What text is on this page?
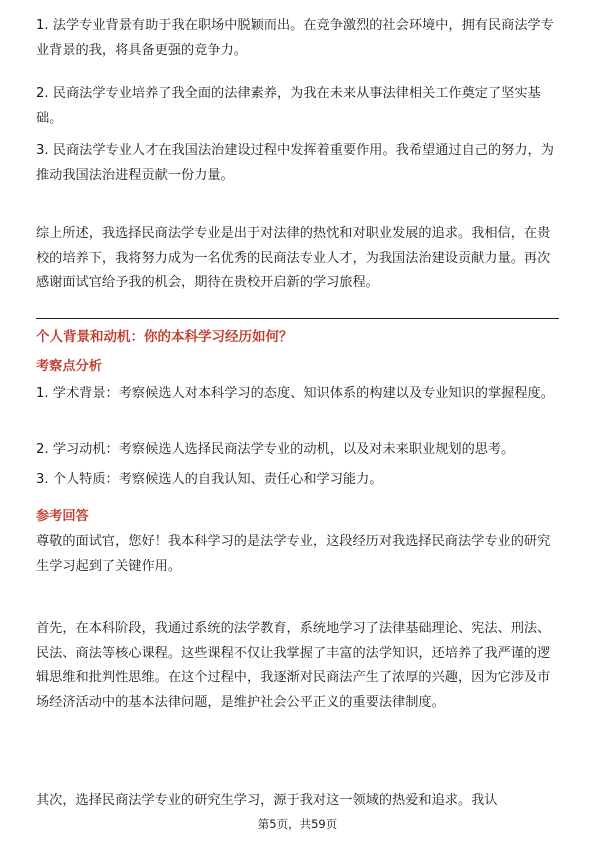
1. 法学专业背景有助于我在职场中脱颖而出。在竞争激烈的社会环境中，拥有民商法学专业背景的我，将具备更强的竞争力。

2. 民商法学专业培养了我全面的法律素养，为我在未来从事法律相关工作奠定了坚实基础。

3. 民商法学专业人才在我国法治建设过程中发挥着重要作用。我希望通过自己的努力，为推动我国法治进程贡献一份力量。

综上所述，我选择民商法学专业是出于对法律的热忱和对职业发展的追求。我相信，在贵校的培养下，我将努力成为一名优秀的民商法专业人才，为我国法治建设贡献力量。再次感谢面试官给予我的机会，期待在贵校开启新的学习旅程。

个人背景和动机：你的本科学习经历如何？

考察点分析

1. 学术背景：考察候选人对本科学习的态度、知识体系的构建以及专业知识的掌握程度。

2. 学习动机：考察候选人选择民商法学专业的动机，以及对未来职业规划的思考。

3. 个人特质：考察候选人的自我认知、责任心和学习能力。

参考回答

尊敬的面试官，您好！我本科学习的是法学专业，这段经历对我选择民商法学专业的研究生学习起到了关键作用。

首先，在本科阶段，我通过系统的法学教育，系统地学习了法律基础理论、宪法、刑法、民法、商法等核心课程。这些课程不仅让我掌握了丰富的法学知识，还培养了我严谨的逻辑思维和批判性思维。在这个过程中，我逐渐对民商法产生了浓厚的兴趣，因为它涉及市场经济活动中的基本法律问题，是维护社会公平正义的重要法律制度。

其次，选择民商法学专业的研究生学习，源于我对这一领域的热爱和追求。我认

第5页，共59页
